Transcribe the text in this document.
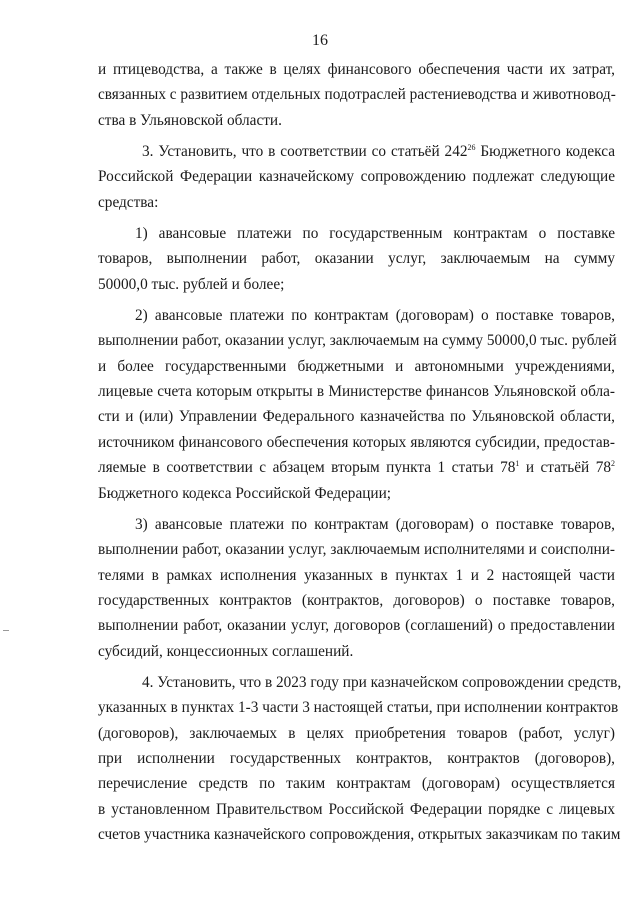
16
и птицеводства, а также в целях финансового обеспечения части их затрат,
связанных с развитием отдельных подотраслей растениеводства и животновод-
ства в Ульяновской области.
3. Установить, что в соответствии со статьёй $242^{26}$ Бюджетного кодекса
Российской Федерации казначейскому сопровождению подлежат следующие
средства:
1) авансовые платежи по государственным контрактам о поставке
товаров, выполнении работ, оказании услуг, заключаемым на сумму
50000,0 тыс. рублей и более;
2) авансовые платежи по контрактам (договорам) о поставке товаров,
выполнении работ, оказании услуг, заключаемым на сумму 50000,0 тыс. рублей
и более государственными бюджетными и автономными учреждениями,
лицевые счета которым открыты в Министерстве финансов Ульяновской обла-
сти и (или) Управлении Федерального казначейства по Ульяновской области,
источником финансового обеспечения которых являются субсидии, предостав-
ляемые в соответствии с абзацем вторым пункта 1 статьи $78^1$ и статьёй $78^2$
Бюджетного кодекса Российской Федерации;
3) авансовые платежи по контрактам (договорам) о поставке товаров,
выполнении работ, оказании услуг, заключаемым исполнителями и соисполни-
телями в рамках исполнения указанных в пунктах 1 и 2 настоящей части
государственных контрактов (контрактов, договоров) о поставке товаров,
выполнении работ, оказании услуг, договоров (соглашений) о предоставлении
субсидий, концессионных соглашений.
4. Установить, что в 2023 году при казначейском сопровождении средств,
указанных в пунктах 1-3 части 3 настоящей статьи, при исполнении контрактов
(договоров), заключаемых в целях приобретения товаров (работ, услуг)
при исполнении государственных контрактов, контрактов (договоров),
перечисление средств по таким контрактам (договорам) осуществляется
в установленном Правительством Российской Федерации порядке с лицевых
счетов участника казначейского сопровождения, открытых заказчикам по таким
